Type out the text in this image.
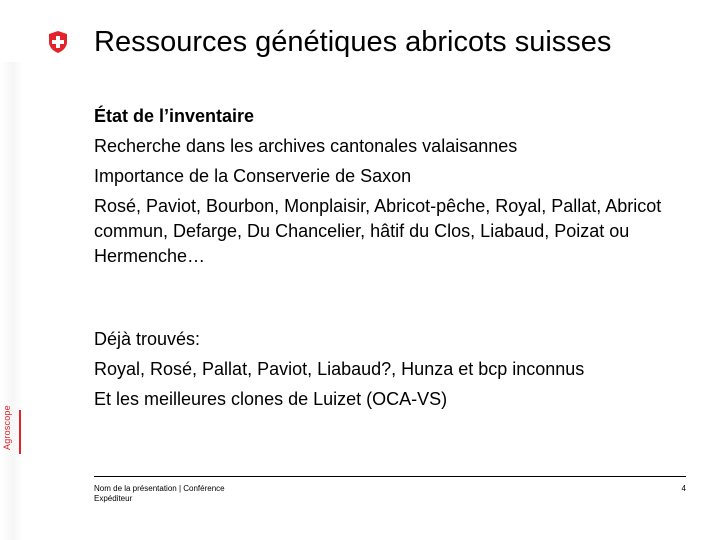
Agroscope
Ressources génétiques abricots suisses

État de l’inventaire

Recherche dans les archives cantonales valaisannes

Importance de la Conserverie de Saxon

Rosé, Paviot, Bourbon, Monplaisir, Abricot-pêche, Royal, Pallat, Abricot commun, Defarge, Du Chancelier, hâtif du Clos, Liabaud, Poizat ou Hermenche…

Déjà trouvés:

Royal, Rosé, Pallat, Paviot, Liabaud?, Hunza et bcp inconnus

Et les meilleures clones de Luizet (OCA-VS)

Nom de la présentation | Conférence
Expéditeur
4
